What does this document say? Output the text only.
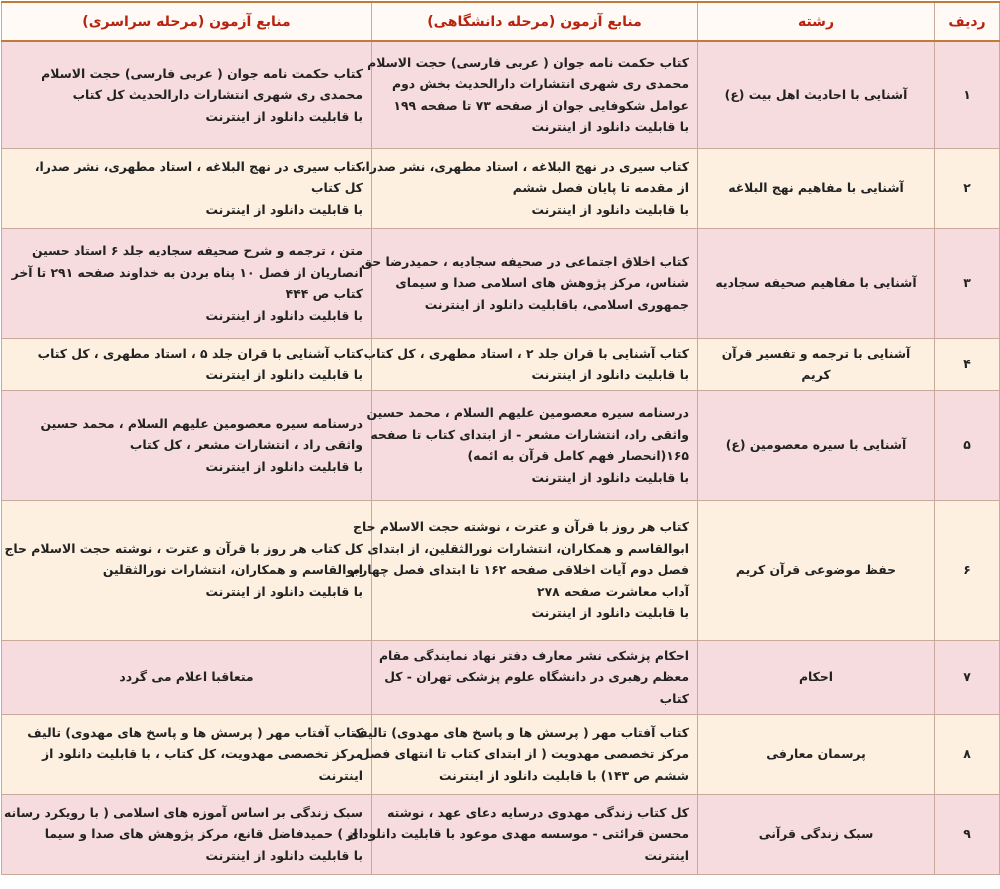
ردیف	رشته	منابع آزمون (مرحله دانشگاهی)	منابع آزمون (مرحله سراسری)
۱	آشنایی با احادیث اهل بیت (ع)	کتاب حکمت نامه جوان ( عربی فارسی) حجت الاسلام
محمدی ری شهری انتشارات دارالحدیث بخش دوم
عوامل شکوفایی جوان از صفحه ۷۳ تا صفحه ۱۹۹
با قابلیت دانلود از اینترنت	کتاب حکمت نامه جوان ( عربی فارسی) حجت الاسلام
محمدی ری شهری انتشارات دارالحدیث کل کتاب
با قابلیت دانلود از اینترنت

۲	آشنایی با مفاهیم نهج البلاغه	کتاب سیری در نهج البلاغه ، استاد مطهری، نشر صدرا،
از مقدمه تا پایان فصل ششم
با قابلیت دانلود از اینترنت	کتاب سیری در نهج البلاغه ، استاد مطهری، نشر صدرا،
کل کتاب
با قابلیت دانلود از اینترنت

۳	آشنایی با مفاهیم صحیفه سجادیه	کتاب اخلاق اجتماعی در صحیفه سجادیه ، حمیدرضا حق
شناس، مرکز پژوهش های اسلامی صدا و سیمای
جمهوری اسلامی، باقابلیت دانلود از اینترنت	متن ، ترجمه و شرح صحیفه سجادیه جلد ۶ استاد حسین
انصاریان از فصل ۱۰ پناه بردن به خداوند صفحه ۲۹۱ تا آخر
کتاب ص ۴۴۴
با قابلیت دانلود از اینترنت

۴	آشنایی با ترجمه و تفسیر قرآن کریم	کتاب آشنایی با قران جلد ۲ ، استاد مطهری ، کل کتاب
با قابلیت دانلود از اینترنت	کتاب آشنایی با قران جلد ۵ ، استاد مطهری ، کل کتاب
با قابلیت دانلود از اینترنت

۵	آشنایی با سیره معصومین (ع)	درسنامه سیره معصومین علیهم السلام ، محمد حسین
واثقی راد، انتشارات مشعر - از ابتدای کتاب تا صفحه
۱۶۵(انحصار فهم کامل قرآن به ائمه)
با قابلیت دانلود از اینترنت	درسنامه سیره معصومین علیهم السلام ، محمد حسین
واثقی راد ، انتشارات مشعر ، کل کتاب
با قابلیت دانلود از اینترنت

۶	حفظ موضوعی قرآن کریم	کتاب هر روز با قرآن و عترت ، نوشته حجت الاسلام حاج
ابوالقاسم و همکاران، انتشارات نورالثقلین، از ابتدای
فصل دوم آیات اخلاقی صفحه ۱۶۲ تا ابتدای فصل چهارم
آداب معاشرت صفحه ۲۷۸
با قابلیت دانلود از اینترنت	کل کتاب هر روز با قرآن و عترت ، نوشته حجت الاسلام حاج
ابوالقاسم و همکاران، انتشارات نورالثقلین
با قابلیت دانلود از اینترنت

۷	احکام	احکام پزشکی نشر معارف دفتر نهاد نمایندگی مقام
معظم رهبری در دانشگاه علوم پزشکی تهران - کل
کتاب	متعاقبا اعلام می گردد

۸	پرسمان معارفی	کتاب آفتاب مهر ( پرسش ها و پاسخ های مهدوی) تالیف
مرکز تخصصی مهدویت ( از ابتدای کتاب تا انتهای فصل
ششم ص ۱۴۳) با قابلیت دانلود از اینترنت	کتاب آفتاب مهر ( پرسش ها و پاسخ های مهدوی) تالیف
مرکز تخصصی مهدویت، کل کتاب ، با قابلیت دانلود از
اینترنت

۹	سبک زندگی قرآنی	کل کتاب زندگی مهدوی درسایه دعای عهد ، نوشته
محسن قرائتی - موسسه مهدی موعود با قابلیت دانلود از
اینترنت	سبک زندگی بر اساس آموزه های اسلامی ( با رویکرد رسانه
ای ) حمیدفاضل قانع، مرکز پژوهش های صدا و سیما
با قابلیت دانلود از اینترنت
